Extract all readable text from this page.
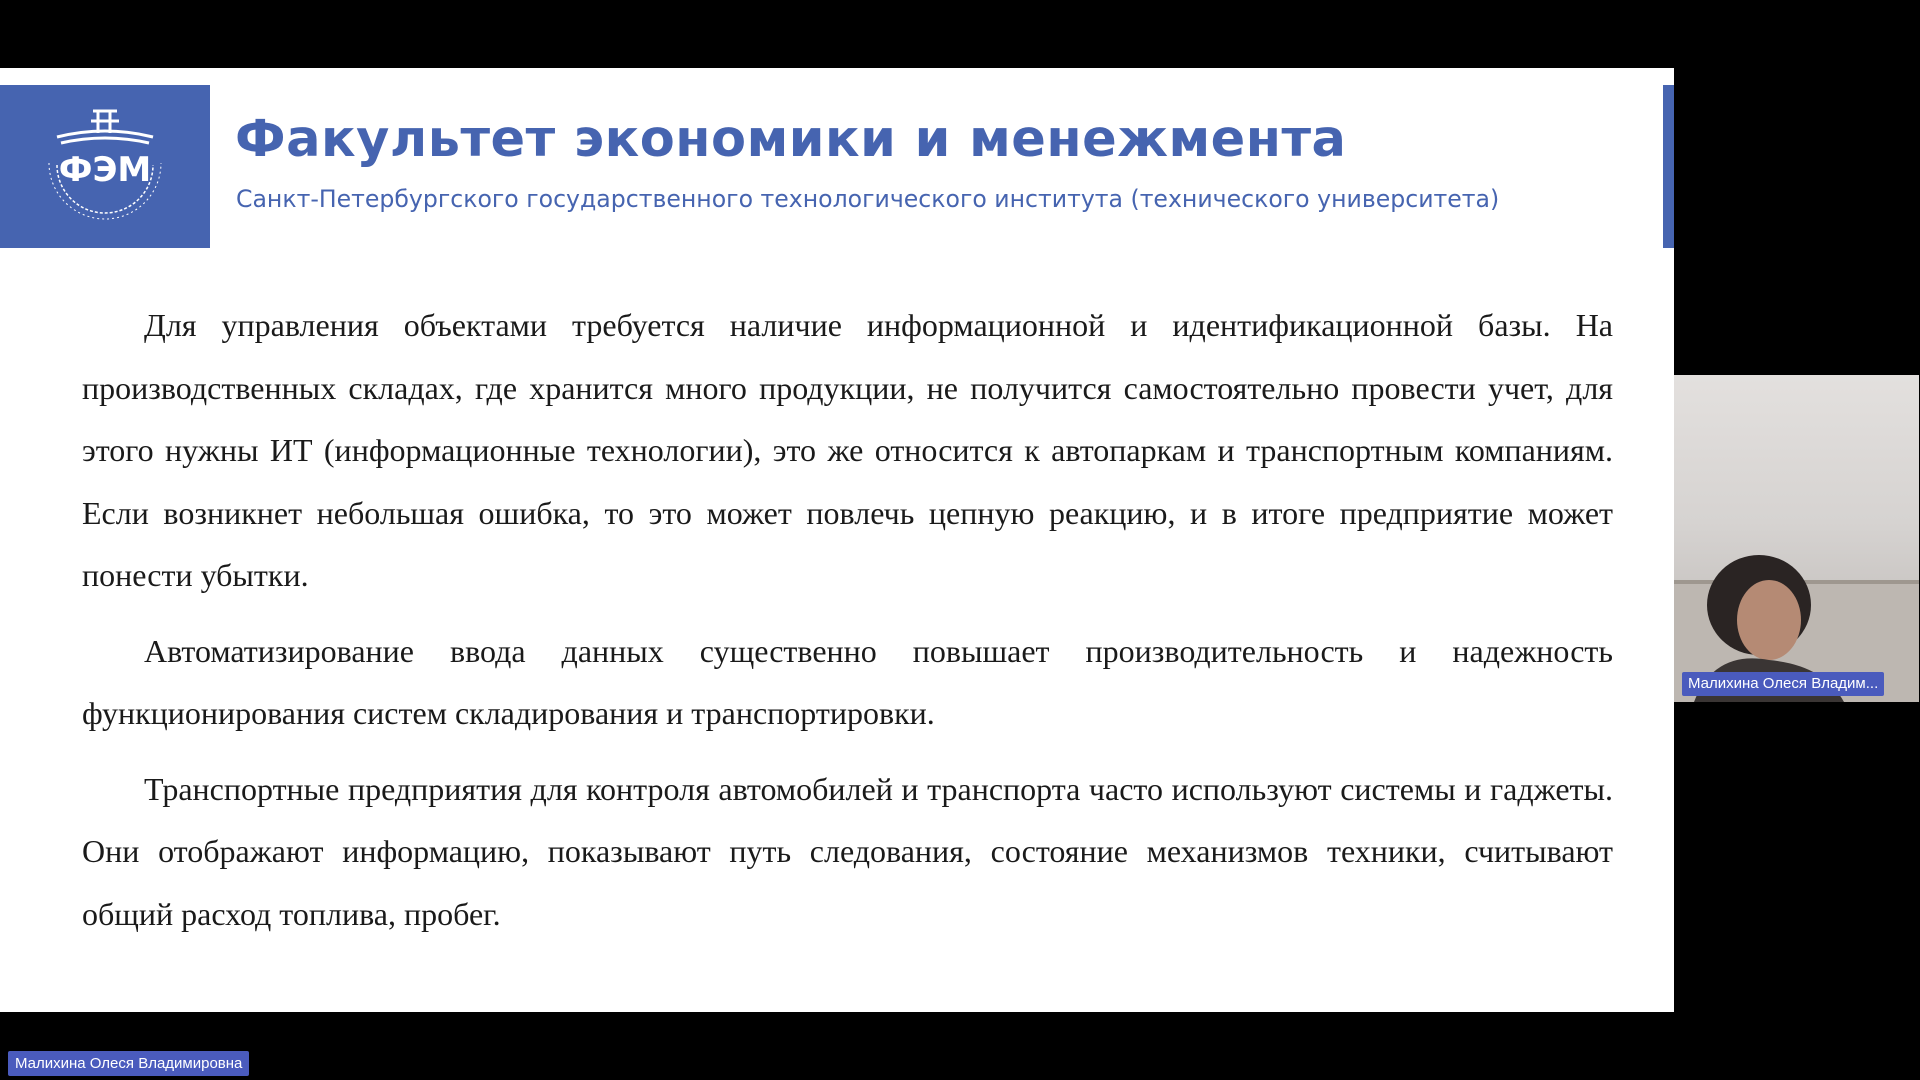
ФЭМ
Факультет экономики и менежмента
Санкт-Петербургского государственного технологического института (технического университета)

Для управления объектами требуется наличие информационной и идентификационной базы. На производственных складах, где хранится много продукции, не получится самостоятельно провести учет, для этого нужны ИТ (информационные технологии), это же относится к автопаркам и транспортным компаниям. Если возникнет небольшая ошибка, то это может повлечь цепную реакцию, и в итоге предприятие может понести убытки.

Автоматизирование ввода данных существенно повышает производительность и надежность функционирования систем складирования и транспортировки.

Транспортные предприятия для контроля автомобилей и транспорта часто используют системы и гаджеты. Они отображают информацию, показывают путь следования, состояние механизмов техники, считывают общий расход топлива, пробег.

Малихина Олеся Владим...
Малихина Олеся Владимировна
